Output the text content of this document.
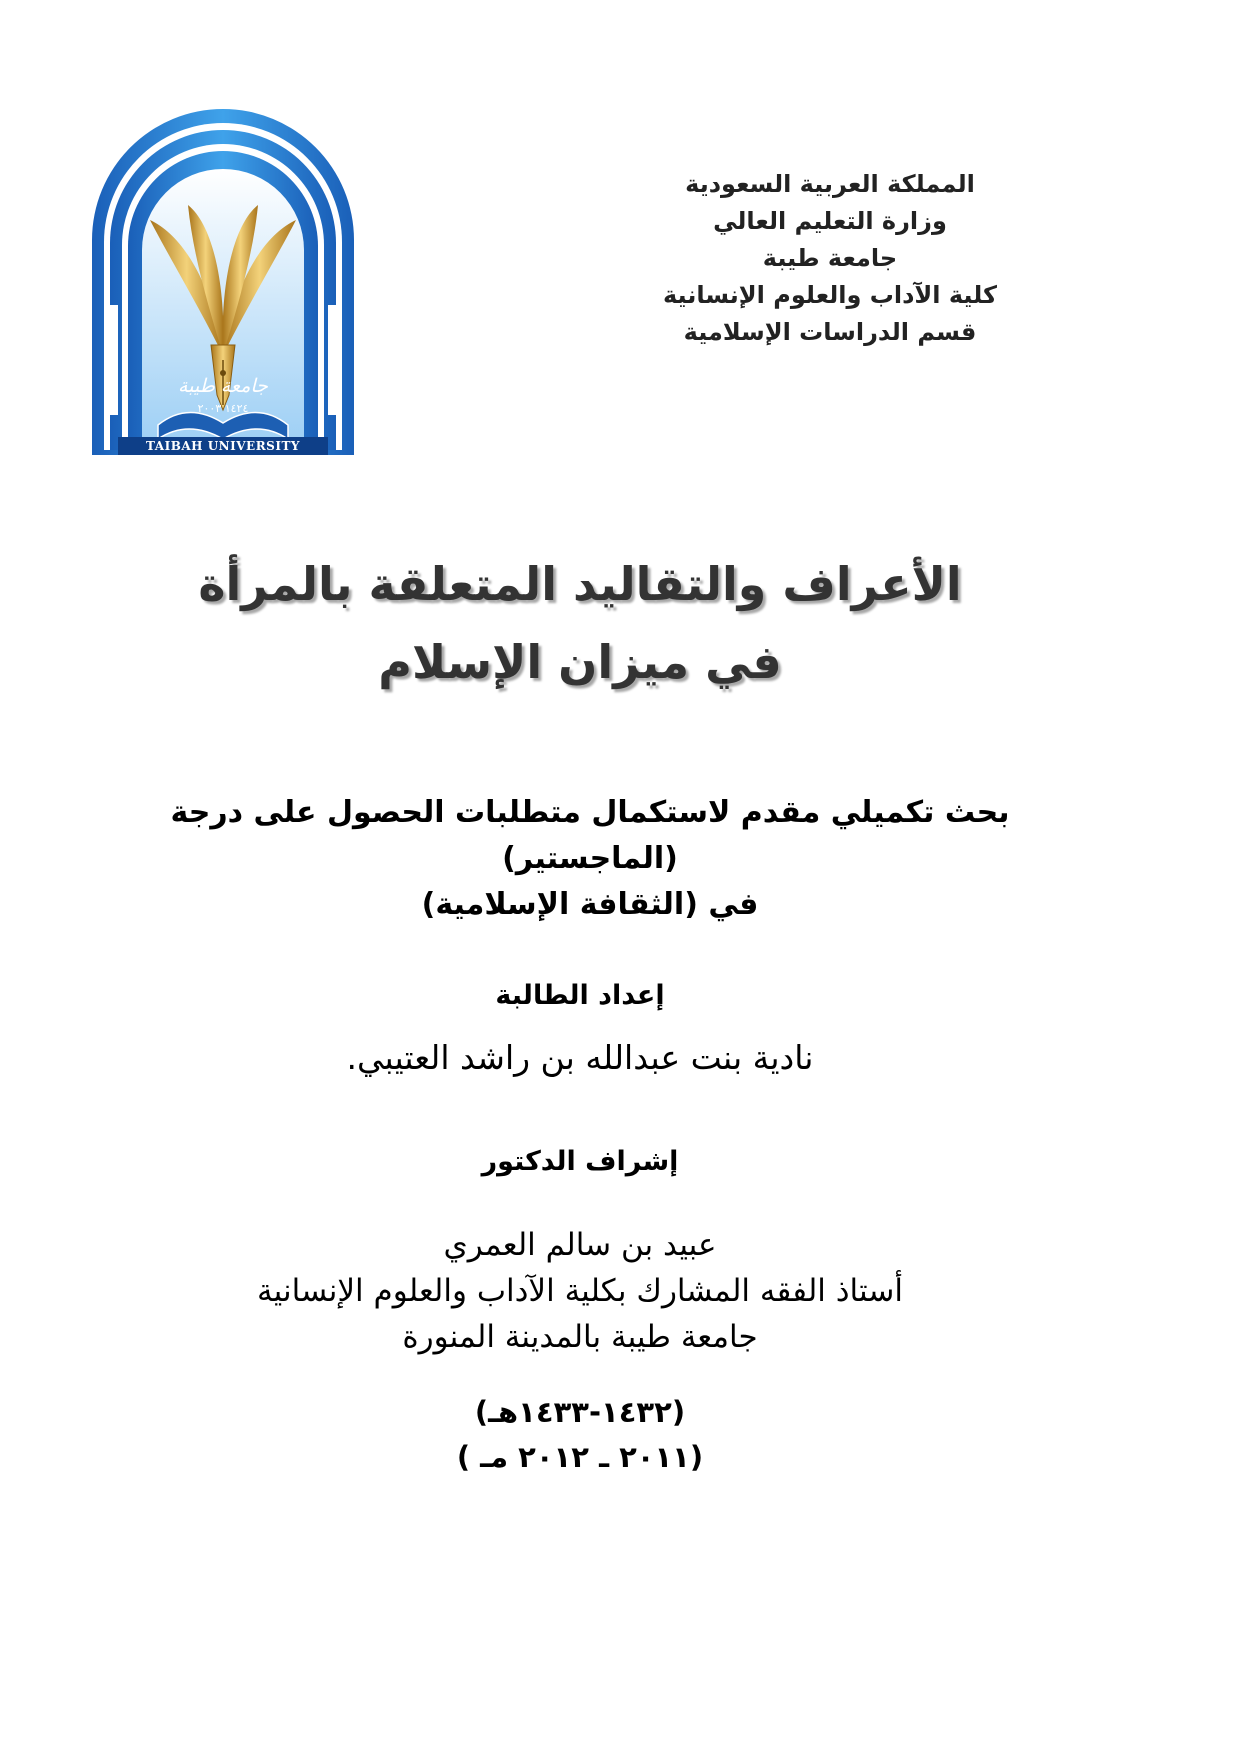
المملكة العربية السعودية
وزارة التعليم العالي
جامعة طيبة
كلية الآداب والعلوم الإنسانية
قسم الدراسات الإسلامية
جامعة طيبة
١٤٢٤ ٢٠٠٣
TAIBAH UNIVERSITY
الأعراف والتقاليد المتعلقة بالمرأة
في ميزان الإسلام
بحث تكميلي مقدم لاستكمال متطلبات الحصول على درجة
(الماجستير)
في (الثقافة الإسلامية)
إعداد الطالبة
نادية بنت عبدالله بن راشد العتيبي.
إشراف الدكتور
عبيد بن سالم العمري
أستاذ الفقه المشارك بكلية الآداب والعلوم الإنسانية
جامعة طيبة بالمدينة المنورة
(١٤٣٢-١٤٣٣هـ)
(٢٠١١ ـ ٢٠١٢ مـ )
